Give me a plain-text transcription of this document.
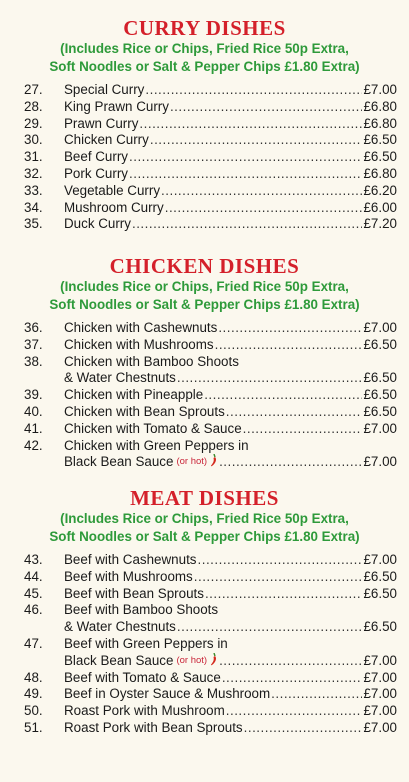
CURRY DISHES
(Includes Rice or Chips, Fried Rice 50p Extra,
Soft Noodles or Salt & Pepper Chips £1.80 Extra)
27. Special Curry .....	£7.00
28. King Prawn Curry .....	£6.80
29. Prawn Curry .....	£6.80
30. Chicken Curry .....	£6.50
31. Beef Curry .....	£6.50
32. Pork Curry .....	£6.80
33. Vegetable Curry .....	£6.20
34. Mushroom Curry .....	£6.00
35. Duck Curry .....	£7.20
CHICKEN DISHES
(Includes Rice or Chips, Fried Rice 50p Extra,
Soft Noodles or Salt & Pepper Chips £1.80 Extra)
36. Chicken with Cashewnuts .....	£7.00
37. Chicken with Mushrooms .....	£6.50
38. Chicken with Bamboo Shoots
& Water Chestnuts .....	£6.50
39. Chicken with Pineapple .....	£6.50
40. Chicken with Bean Sprouts .....	£6.50
41. Chicken with Tomato & Sauce .....	£7.00
42. Chicken with Green Peppers in
Black Bean Sauce (or hot) .....	£7.00
MEAT DISHES
(Includes Rice or Chips, Fried Rice 50p Extra,
Soft Noodles or Salt & Pepper Chips £1.80 Extra)
43. Beef with Cashewnuts .....	£7.00
44. Beef with Mushrooms .....	£6.50
45. Beef with Bean Sprouts .....	£6.50
46. Beef with Bamboo Shoots
& Water Chestnuts .....	£6.50
47. Beef with Green Peppers in
Black Bean Sauce (or hot) .....	£7.00
48. Beef with Tomato & Sauce .....	£7.00
49. Beef in Oyster Sauce & Mushroom .....	£7.00
50. Roast Pork with Mushroom .....	£7.00
51. Roast Pork with Bean Sprouts .....	£7.00
